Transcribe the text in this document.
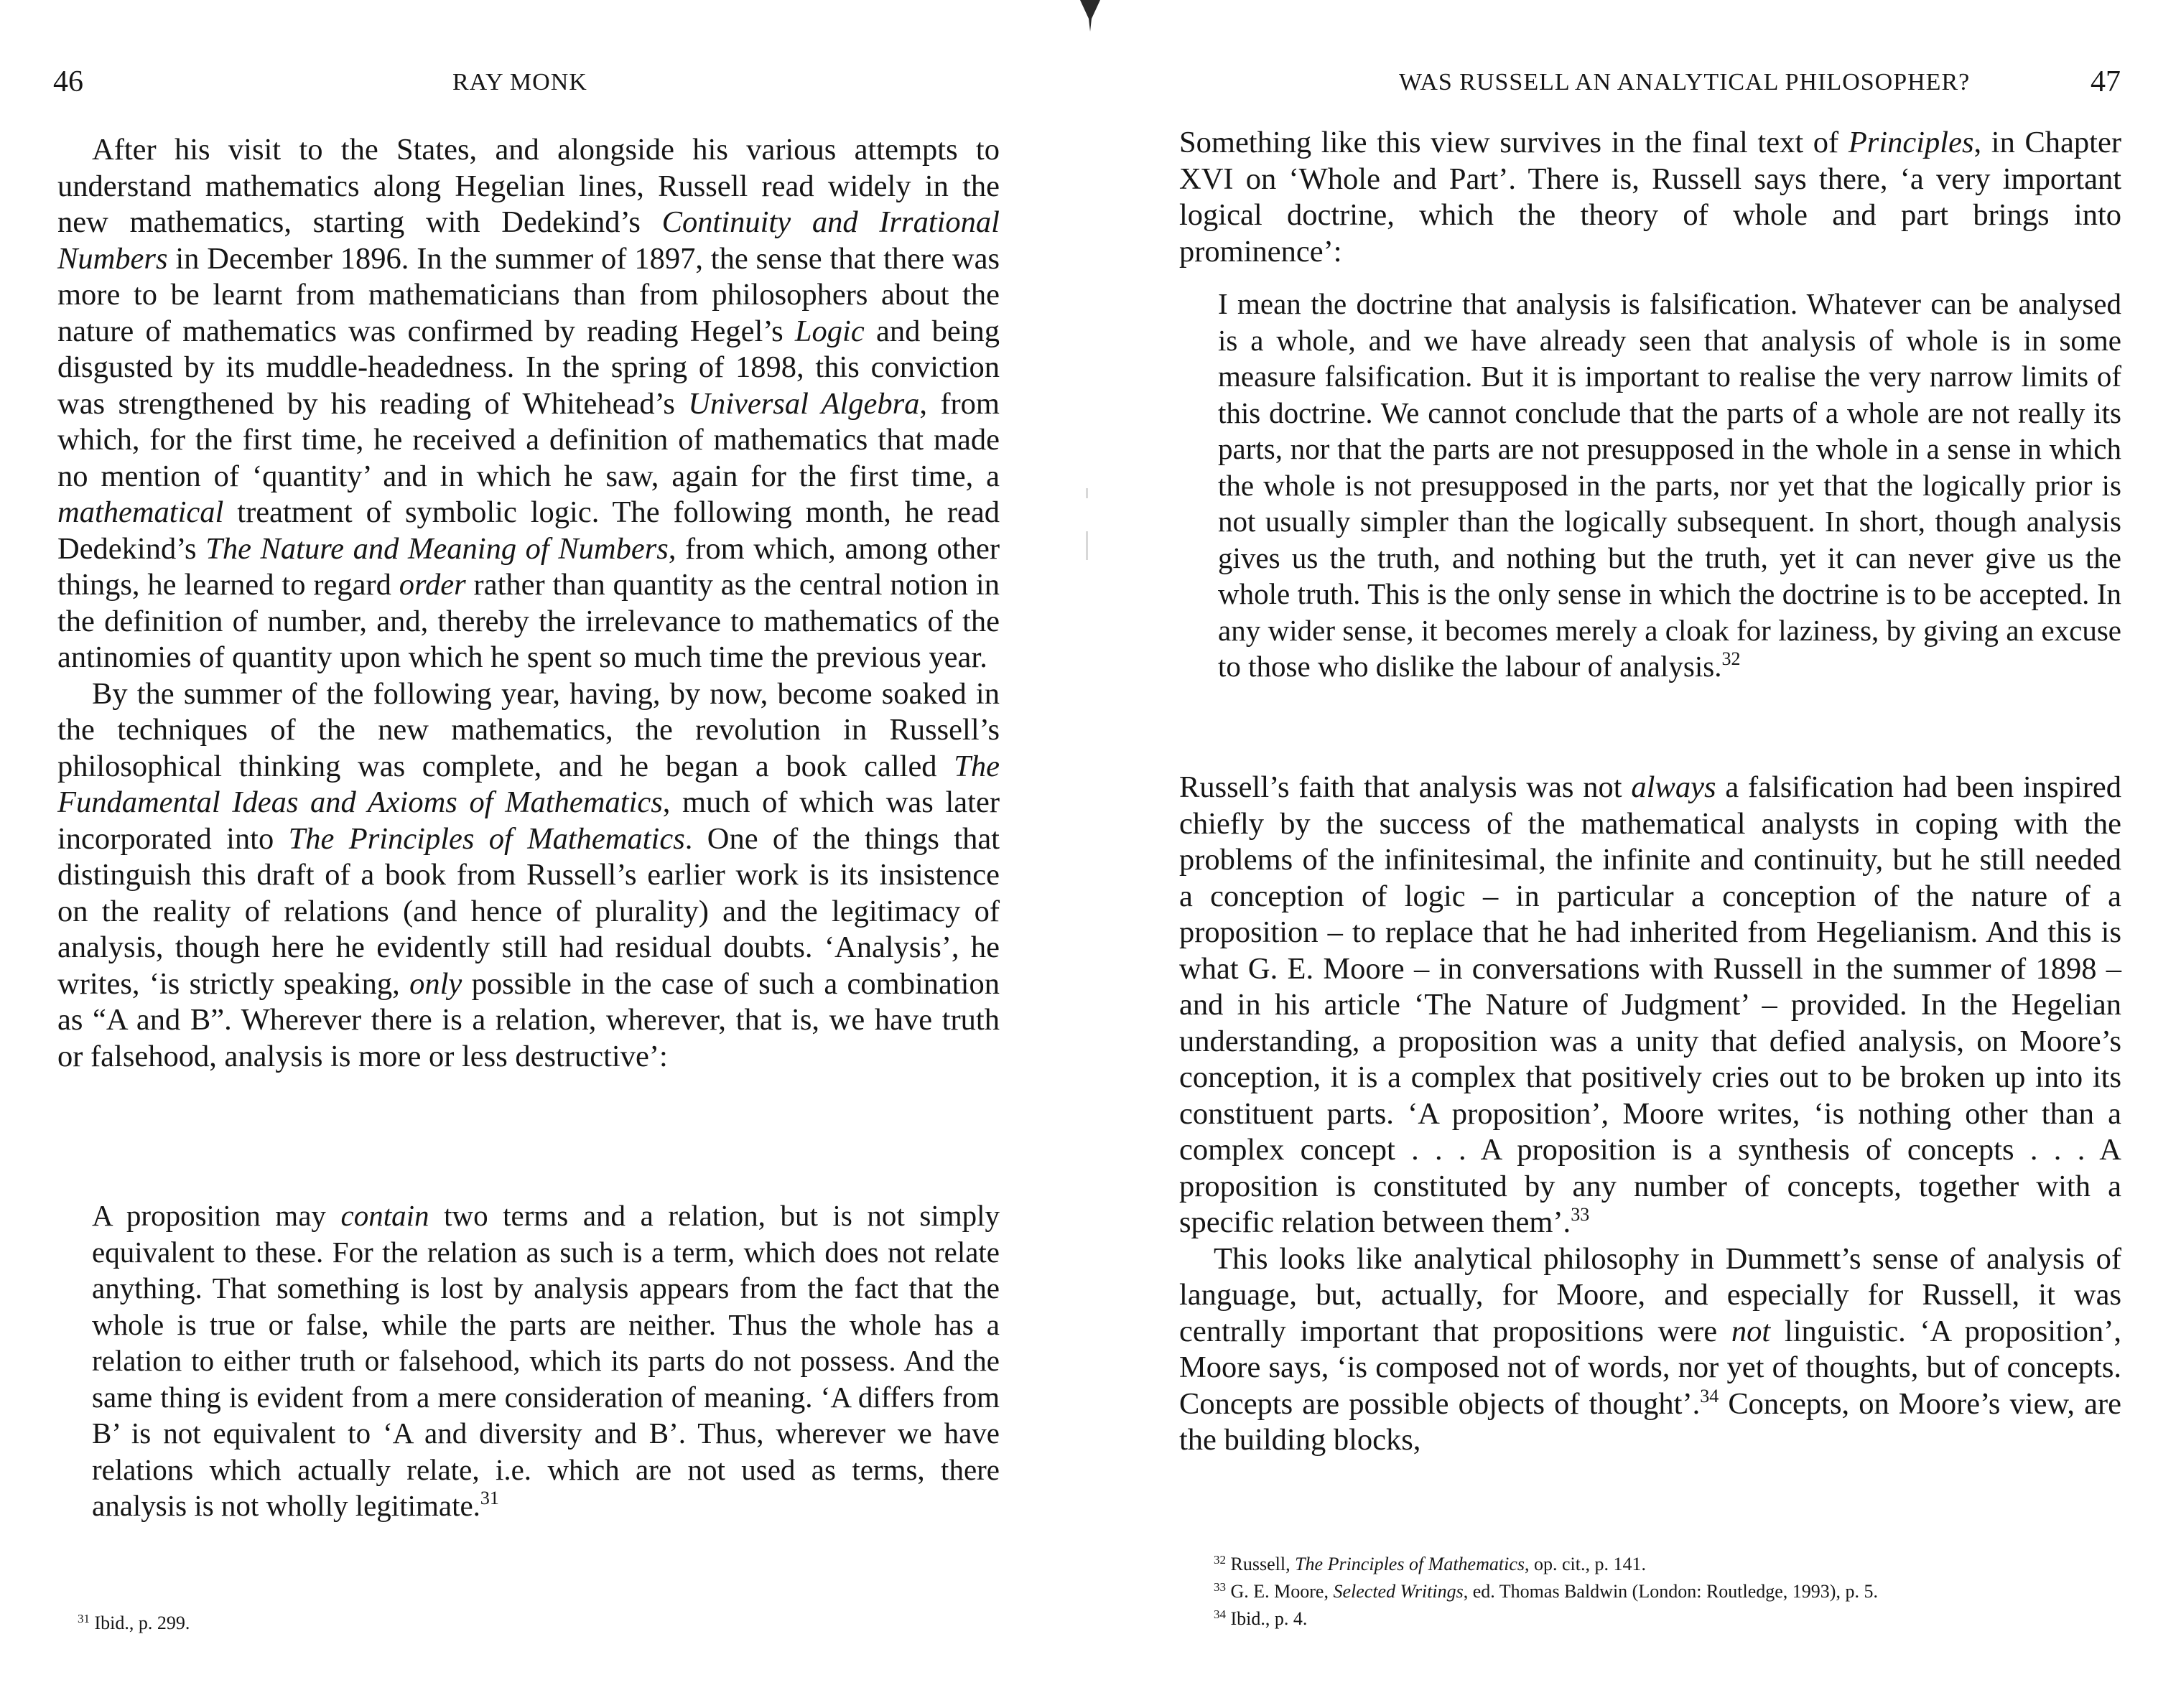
46	RAY MONK

After his visit to the States, and alongside his various attempts to understand mathematics along Hegelian lines, Russell read widely in the new mathematics, starting with Dedekind’s Continuity and Irrational Numbers in December 1896. In the summer of 1897, the sense that there was more to be learnt from mathematicians than from philosophers about the nature of mathematics was confirmed by reading Hegel’s Logic and being disgusted by its muddle-headedness. In the spring of 1898, this conviction was strengthened by his reading of Whitehead’s Universal Algebra, from which, for the first time, he received a definition of mathematics that made no mention of ‘quantity’ and in which he saw, again for the first time, a mathematical treatment of symbolic logic. The following month, he read Dedekind’s The Nature and Meaning of Numbers, from which, among other things, he learned to regard order rather than quantity as the central notion in the definition of number, and, thereby the irrelevance to mathematics of the antinomies of quantity upon which he spent so much time the previous year.

By the summer of the following year, having, by now, become soaked in the techniques of the new mathematics, the revolution in Russell’s philosophical thinking was complete, and he began a book called The Fundamental Ideas and Axioms of Mathematics, much of which was later incorporated into The Principles of Mathematics. One of the things that distinguish this draft of a book from Russell’s earlier work is its insistence on the reality of relations (and hence of plurality) and the legitimacy of analysis, though here he evidently still had residual doubts. ‘Analysis’, he writes, ‘is strictly speaking, only possible in the case of such a combination as “A and B”. Wherever there is a relation, wherever, that is, we have truth or falsehood, analysis is more or less destructive’:

A proposition may contain two terms and a relation, but is not simply equivalent to these. For the relation as such is a term, which does not relate anything. That something is lost by analysis appears from the fact that the whole is true or false, while the parts are neither. Thus the whole has a relation to either truth or falsehood, which its parts do not possess. And the same thing is evident from a mere consideration of meaning. ‘A differs from B’ is not equivalent to ‘A and diversity and B’. Thus, wherever we have relations which actually relate, i.e. which are not used as terms, there analysis is not wholly legitimate.$^{31}$

$^{31}$ Ibid., p. 299.

WAS RUSSELL AN ANALYTICAL PHILOSOPHER?	47

Something like this view survives in the final text of Principles, in Chapter XVI on ‘Whole and Part’. There is, Russell says there, ‘a very important logical doctrine, which the theory of whole and part brings into prominence’:

I mean the doctrine that analysis is falsification. Whatever can be analysed is a whole, and we have already seen that analysis of whole is in some measure falsification. But it is important to realise the very narrow limits of this doctrine. We cannot conclude that the parts of a whole are not really its parts, nor that the parts are not presupposed in the whole in a sense in which the whole is not presupposed in the parts, nor yet that the logically prior is not usually simpler than the logically subsequent. In short, though analysis gives us the truth, and nothing but the truth, yet it can never give us the whole truth. This is the only sense in which the doctrine is to be accepted. In any wider sense, it becomes merely a cloak for laziness, by giving an excuse to those who dislike the labour of analysis.$^{32}$

Russell’s faith that analysis was not always a falsification had been inspired chiefly by the success of the mathematical analysts in coping with the problems of the infinitesimal, the infinite and continuity, but he still needed a conception of logic – in particular a conception of the nature of a proposition – to replace that he had inherited from Hegelianism. And this is what G. E. Moore – in conversations with Russell in the summer of 1898 – and in his article ‘The Nature of Judgment’ – provided. In the Hegelian understanding, a proposition was a unity that defied analysis, on Moore’s conception, it is a complex that positively cries out to be broken up into its constituent parts. ‘A proposition’, Moore writes, ‘is nothing other than a complex concept . . . A proposition is a synthesis of concepts . . . A proposition is constituted by any number of concepts, together with a specific relation between them’.$^{33}$

This looks like analytical philosophy in Dummett’s sense of analysis of language, but, actually, for Moore, and especially for Russell, it was centrally important that propositions were not linguistic. ‘A proposition’, Moore says, ‘is composed not of words, nor yet of thoughts, but of concepts. Concepts are possible objects of thought’.$^{34}$ Concepts, on Moore’s view, are the building blocks,

$^{32}$ Russell, The Principles of Mathematics, op. cit., p. 141.

$^{33}$ G. E. Moore, Selected Writings, ed. Thomas Baldwin (London: Routledge, 1993), p. 5.

$^{34}$ Ibid., p. 4.
